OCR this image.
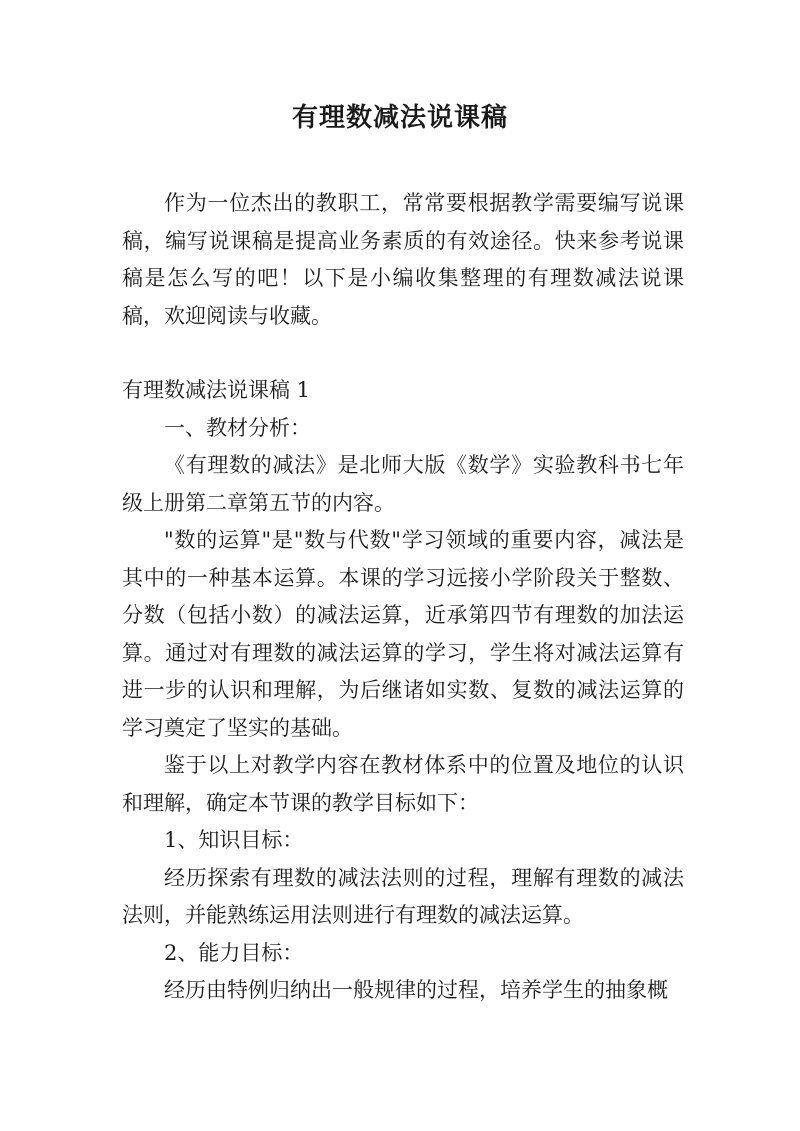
有理数减法说课稿

作为一位杰出的教职工，常常要根据教学需要编写说课稿，编写说课稿是提高业务素质的有效途径。快来参考说课稿是怎么写的吧！以下是小编收集整理的有理数减法说课稿，欢迎阅读与收藏。

有理数减法说课稿 1

一、教材分析：

《有理数的减法》是北师大版《数学》实验教科书七年级上册第二章第五节的内容。

"数的运算"是"数与代数"学习领域的重要内容，减法是其中的一种基本运算。本课的学习远接小学阶段关于整数、分数（包括小数）的减法运算，近承第四节有理数的加法运算。通过对有理数的减法运算的学习，学生将对减法运算有进一步的认识和理解，为后继诸如实数、复数的减法运算的学习奠定了坚实的基础。

鉴于以上对教学内容在教材体系中的位置及地位的认识和理解，确定本节课的教学目标如下：

1、知识目标：

经历探索有理数的减法法则的过程，理解有理数的减法法则，并能熟练运用法则进行有理数的减法运算。

2、能力目标：

经历由特例归纳出一般规律的过程，培养学生的抽象概
